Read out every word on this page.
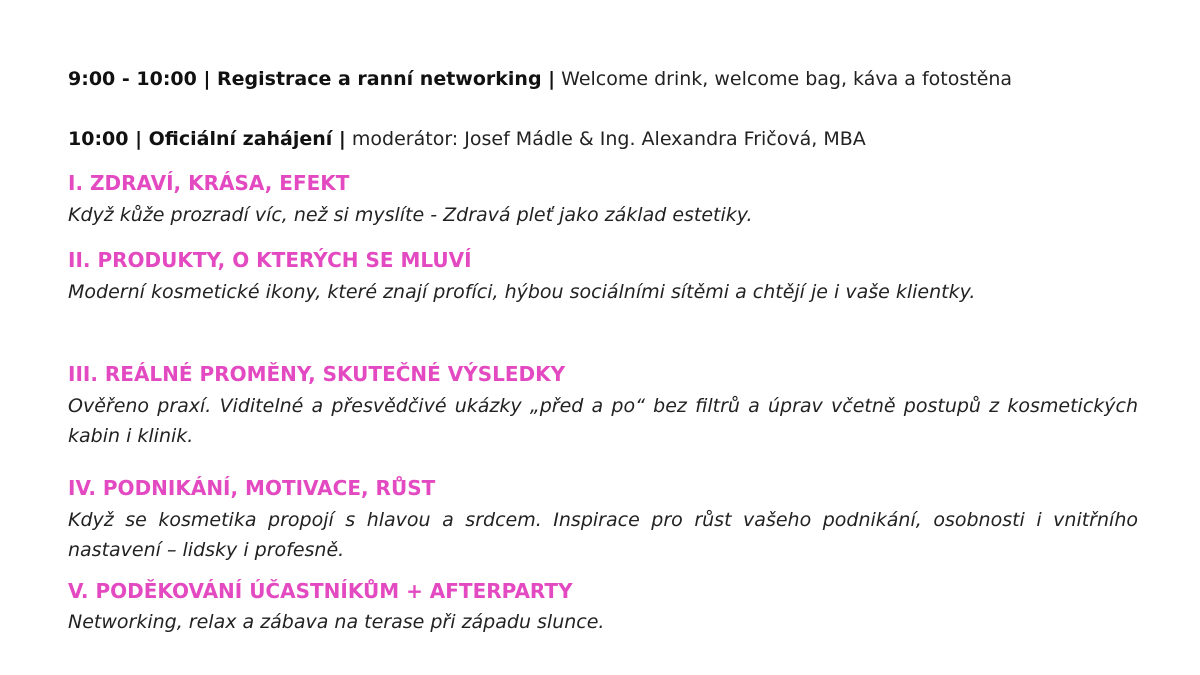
9:00 - 10:00 | Registrace a ranní networking | Welcome drink, welcome bag, káva a fotostěna
10:00 | Oficiální zahájení | moderátor: Josef Mádle & Ing. Alexandra Fričová, MBA
I. ZDRAVÍ, KRÁSA, EFEKT
Když kůže prozradí víc, než si myslíte - Zdravá pleť jako základ estetiky.
II. PRODUKTY, O KTERÝCH SE MLUVÍ
Moderní kosmetické ikony, které znají profíci, hýbou sociálními sítěmi a chtějí je i vaše klientky.
III. REÁLNÉ PROMĚNY, SKUTEČNÉ VÝSLEDKY
Ověřeno praxí. Viditelné a přesvědčivé ukázky „před a po“ bez filtrů a úprav včetně postupů z kosmetických kabin i klinik.
IV. PODNIKÁNÍ, MOTIVACE, RŮST
Když se kosmetika propojí s hlavou a srdcem. Inspirace pro růst vašeho podnikání, osobnosti i vnitřního nastavení – lidsky i profesně.
V. PODĚKOVÁNÍ ÚČASTNÍKŮM + AFTERPARTY
Networking, relax a zábava na terase při západu slunce.
